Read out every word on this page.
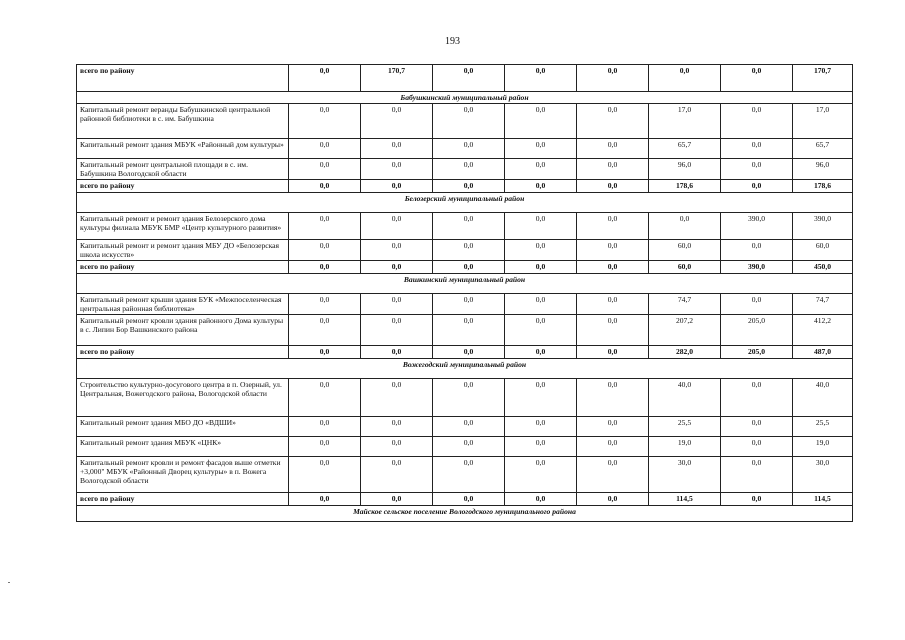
193
всего по району	0,0	170,7	0,0	0,0	0,0	0,0	0,0	170,7
Бабушкинский муниципальный район								
Капитальный ремонт веранды Бабушкинской центральной районной библиотеки в с. им. Бабушкина	0,0	0,0	0,0	0,0	0,0	17,0	0,0	17,0
Капитальный ремонт здания МБУК «Районный дом культуры»	0,0	0,0	0,0	0,0	0,0	65,7	0,0	65,7
Капитальный ремонт центральной площади в с. им. Бабушкина Вологодской области	0,0	0,0	0,0	0,0	0,0	96,0	0,0	96,0
всего по району	0,0	0,0	0,0	0,0	0,0	178,6	0,0	178,6
Белозерский муниципальный район								
Капитальный ремонт и ремонт здания Белозерского дома культуры филиала МБУК БМР «Центр культурного развития»	0,0	0,0	0,0	0,0	0,0	0,0	390,0	390,0
Капитальный ремонт и ремонт здания МБУ ДО «Белозерская школа искусств»	0,0	0,0	0,0	0,0	0,0	60,0	0,0	60,0
всего по району	0,0	0,0	0,0	0,0	0,0	60,0	390,0	450,0
Вашкинский муниципальный район								
Капитальный ремонт крыши здания БУК «Межпоселенческая центральная районная библиотека»	0,0	0,0	0,0	0,0	0,0	74,7	0,0	74,7
Капитальный ремонт кровли здания районного Дома культуры в с. Липин Бор Вашкинского района	0,0	0,0	0,0	0,0	0,0	207,2	205,0	412,2
всего по району	0,0	0,0	0,0	0,0	0,0	282,0	205,0	487,0
Вожегодский муниципальный район								
Строительство культурно-досугового центра в п. Озерный, ул. Центральная, Вожегодского района, Вологодской области	0,0	0,0	0,0	0,0	0,0	40,0	0,0	40,0
Капитальный ремонт здания МБО ДО «ВДШИ»	0,0	0,0	0,0	0,0	0,0	25,5	0,0	25,5
Капитальный ремонт здания МБУК «ЦНК»	0,0	0,0	0,0	0,0	0,0	19,0	0,0	19,0
Капитальный ремонт кровли и ремонт фасадов выше отметки +3,000" МБУК «Районный Дворец культуры» в п. Вожега Вологодской области	0,0	0,0	0,0	0,0	0,0	30,0	0,0	30,0
всего по району	0,0	0,0	0,0	0,0	0,0	114,5	0,0	114,5
Майское сельское поселение Вологодского муниципального района								
